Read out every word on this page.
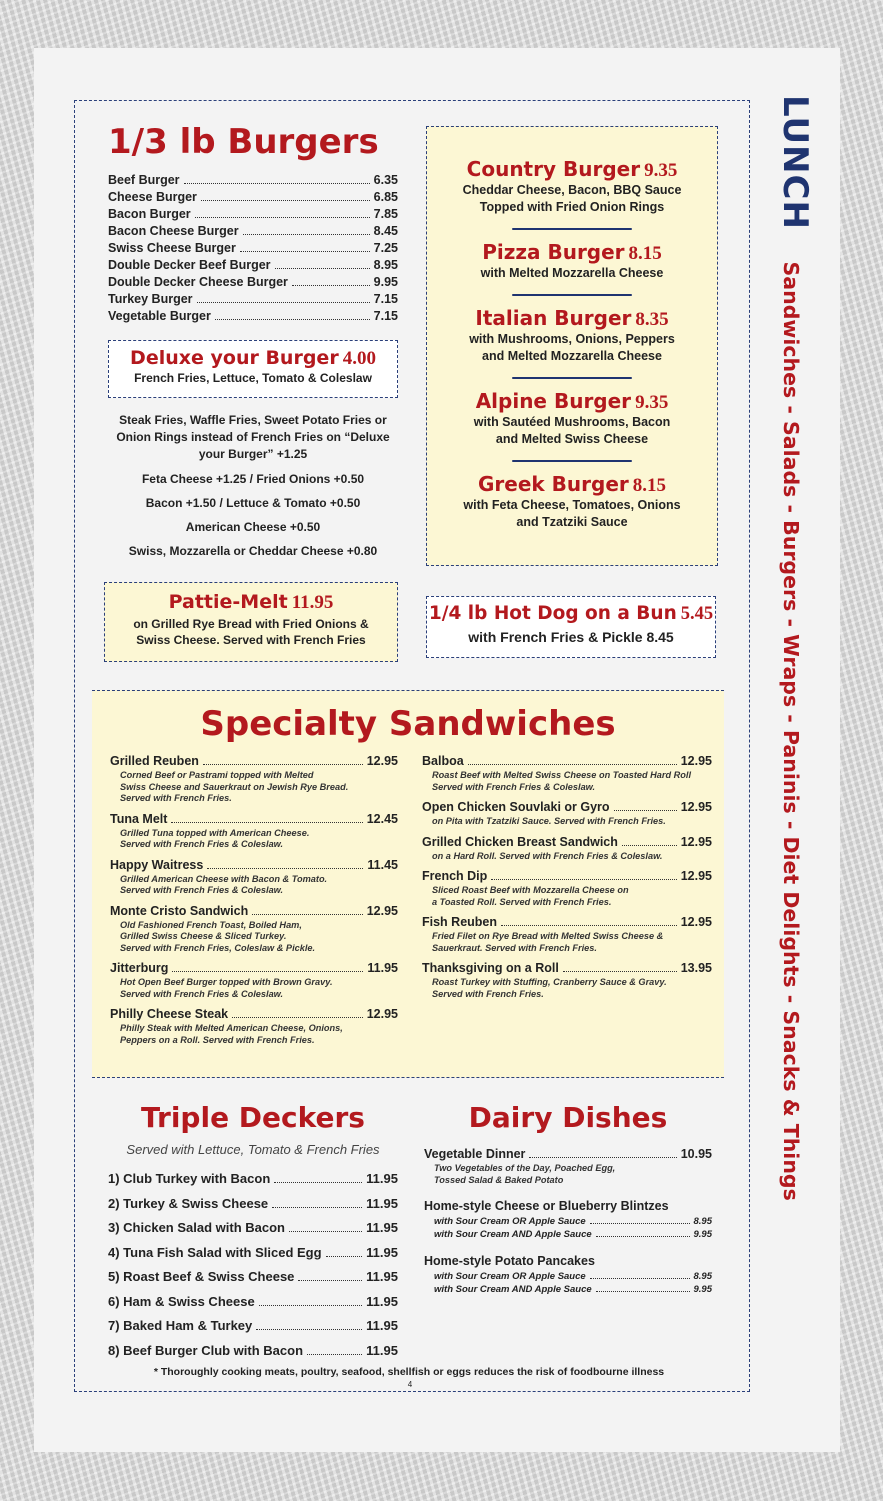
LUNCH Sandwiches - Salads - Burgers - Wraps - Paninis - Diet Delights - Snacks & Things
1/3 lb Burgers
Beef Burger	6.35
Cheese Burger	6.85
Bacon Burger	7.85
Bacon Cheese Burger	8.45
Swiss Cheese Burger	7.25
Double Decker Beef Burger	8.95
Double Decker Cheese Burger	9.95
Turkey Burger	7.15
Vegetable Burger	7.15
Deluxe your Burger 4.00
French Fries, Lettuce, Tomato & Coleslaw
Steak Fries, Waffle Fries, Sweet Potato Fries or Onion Rings instead of French Fries on “Deluxe your Burger” +1.25
Feta Cheese +1.25 / Fried Onions +0.50
Bacon +1.50 / Lettuce & Tomato +0.50
American Cheese +0.50
Swiss, Mozzarella or Cheddar Cheese +0.80
Pattie-Melt 11.95
on Grilled Rye Bread with Fried Onions & Swiss Cheese. Served with French Fries
Country Burger 9.35
Cheddar Cheese, Bacon, BBQ Sauce
Topped with Fried Onion Rings
Pizza Burger 8.15
with Melted Mozzarella Cheese
Italian Burger 8.35
with Mushrooms, Onions, Peppers
and Melted Mozzarella Cheese
Alpine Burger 9.35
with Sautéed Mushrooms, Bacon
and Melted Swiss Cheese
Greek Burger 8.15
with Feta Cheese, Tomatoes, Onions
and Tzatziki Sauce
1/4 lb Hot Dog on a Bun 5.45
with French Fries & Pickle 8.45
Specialty Sandwiches
Grilled Reuben	12.95
Corned Beef or Pastrami topped with Melted
Swiss Cheese and Sauerkraut on Jewish Rye Bread.
Served with French Fries.
Tuna Melt	12.45
Grilled Tuna topped with American Cheese.
Served with French Fries & Coleslaw.
Happy Waitress	11.45
Grilled American Cheese with Bacon & Tomato.
Served with French Fries & Coleslaw.
Monte Cristo Sandwich	12.95
Old Fashioned French Toast, Boiled Ham,
Grilled Swiss Cheese & Sliced Turkey.
Served with French Fries, Coleslaw & Pickle.
Jitterburg	11.95
Hot Open Beef Burger topped with Brown Gravy.
Served with French Fries & Coleslaw.
Philly Cheese Steak	12.95
Philly Steak with Melted American Cheese, Onions,
Peppers on a Roll. Served with French Fries.
Balboa	12.95
Roast Beef with Melted Swiss Cheese on Toasted Hard Roll
Served with French Fries & Coleslaw.
Open Chicken Souvlaki or Gyro	12.95
on Pita with Tzatziki Sauce. Served with French Fries.
Grilled Chicken Breast Sandwich	12.95
on a Hard Roll. Served with French Fries & Coleslaw.
French Dip	12.95
Sliced Roast Beef with Mozzarella Cheese on
a Toasted Roll. Served with French Fries.
Fish Reuben	12.95
Fried Filet on Rye Bread with Melted Swiss Cheese &
Sauerkraut. Served with French Fries.
Thanksgiving on a Roll	13.95
Roast Turkey with Stuffing, Cranberry Sauce & Gravy.
Served with French Fries.
Triple Deckers
Served with Lettuce, Tomato & French Fries
1) Club Turkey with Bacon	11.95
2) Turkey & Swiss Cheese	11.95
3) Chicken Salad with Bacon	11.95
4) Tuna Fish Salad with Sliced Egg	11.95
5) Roast Beef & Swiss Cheese	11.95
6) Ham & Swiss Cheese	11.95
7) Baked Ham & Turkey	11.95
8) Beef Burger Club with Bacon	11.95
Dairy Dishes
Vegetable Dinner	10.95
Two Vegetables of the Day, Poached Egg,
Tossed Salad & Baked Potato
Home-style Cheese or Blueberry Blintzes
with Sour Cream OR Apple Sauce	8.95
with Sour Cream AND Apple Sauce	9.95
Home-style Potato Pancakes
with Sour Cream OR Apple Sauce	8.95
with Sour Cream AND Apple Sauce	9.95
* Thoroughly cooking meats, poultry, seafood, shellfish or eggs reduces the risk of foodbourne illness
4
